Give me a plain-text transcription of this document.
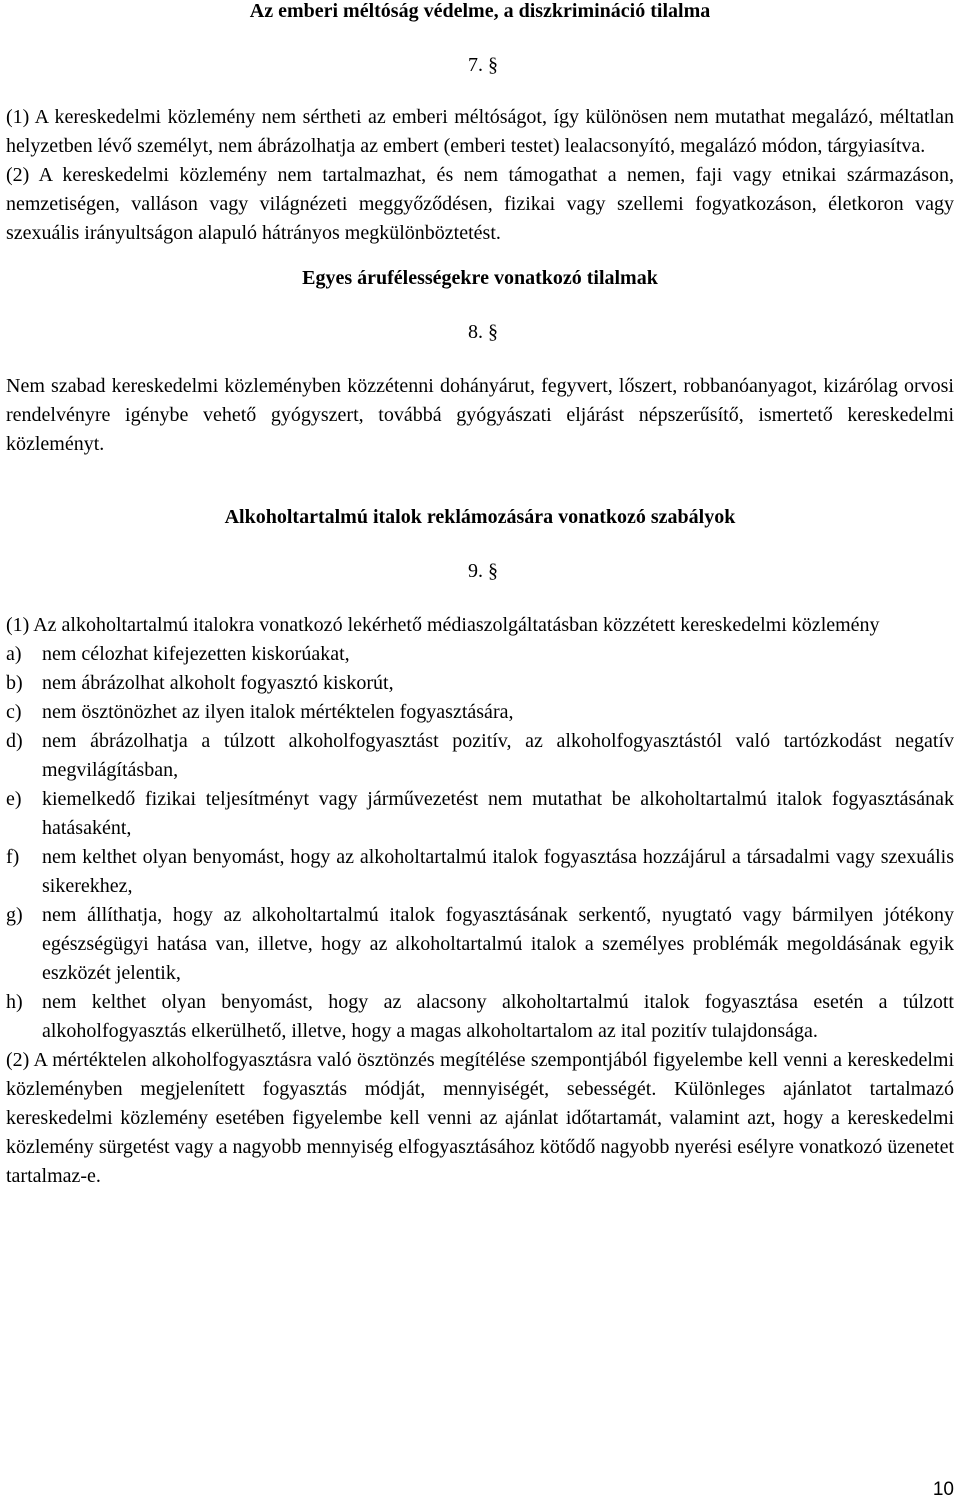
Az emberi méltóság védelme, a diszkrimináció tilalma

7. §

(1) A kereskedelmi közlemény nem sértheti az emberi méltóságot, így különösen nem mutathat megalázó, méltatlan helyzetben lévő személyt, nem ábrázolhatja az embert (emberi testet) lealacsonyító, megalázó módon, tárgyiasítva.

(2) A kereskedelmi közlemény nem tartalmazhat, és nem támogathat a nemen, faji vagy etnikai származáson, nemzetiségen, valláson vagy világnézeti meggyőződésen, fizikai vagy szellemi fogyatkozáson, életkoron vagy szexuális irányultságon alapuló hátrányos megkülönböztetést.

Egyes árufélességekre vonatkozó tilalmak

8. §

Nem szabad kereskedelmi közleményben közzétenni dohányárut, fegyvert, lőszert, robbanóanyagot, kizárólag orvosi rendelvényre igénybe vehető gyógyszert, továbbá gyógyászati eljárást népszerűsítő, ismertető kereskedelmi közleményt.

Alkoholtartalmú italok reklámozására vonatkozó szabályok

9. §

(1) Az alkoholtartalmú italokra vonatkozó lekérhető médiaszolgáltatásban közzétett kereskedelmi közlemény

a)	nem célozhat kifejezetten kiskorúakat,
b) nem ábrázolhat alkoholt fogyasztó kiskorút,
c)	nem ösztönözhet az ilyen italok mértéktelen fogyasztására,
d) nem ábrázolhatja a túlzott alkoholfogyasztást pozitív, az alkoholfogyasztástól való tartózkodást negatív megvilágításban,
e)	kiemelkedő fizikai teljesítményt vagy járművezetést nem mutathat be alkoholtartalmú italok fogyasztásának hatásaként,
f)	nem kelthet olyan benyomást, hogy az alkoholtartalmú italok fogyasztása hozzájárul a társadalmi vagy szexuális sikerekhez,
g) nem állíthatja, hogy az alkoholtartalmú italok fogyasztásának serkentő, nyugtató vagy bármilyen jótékony egészségügyi hatása van, illetve, hogy az alkoholtartalmú italok a személyes problémák megoldásának egyik eszközét jelentik,
h) nem kelthet olyan benyomást, hogy az alacsony alkoholtartalmú italok fogyasztása esetén a túlzott alkoholfogyasztás elkerülhető, illetve, hogy a magas alkoholtartalom az ital pozitív tulajdonsága.

(2) A mértéktelen alkoholfogyasztásra való ösztönzés megítélése szempontjából figyelembe kell venni a kereskedelmi közleményben megjelenített fogyasztás módját, mennyiségét, sebességét. Különleges ajánlatot tartalmazó kereskedelmi közlemény esetében figyelembe kell venni az ajánlat időtartamát, valamint azt, hogy a kereskedelmi közlemény sürgetést vagy a nagyobb mennyiség elfogyasztásához kötődő nagyobb nyerési esélyre vonatkozó üzenetet tartalmaz-e.

10
